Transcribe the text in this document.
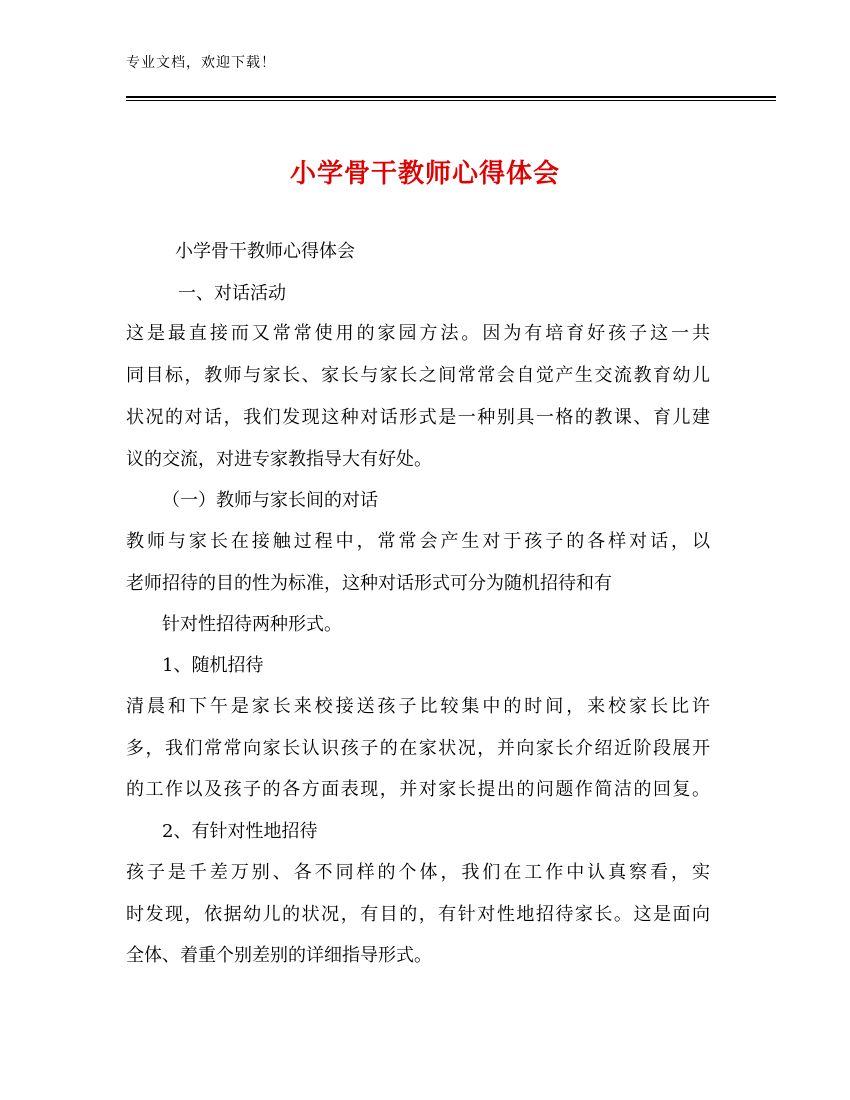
专业文档，欢迎下载！
小学骨干教师心得体会
小学骨干教师心得体会
一、对话活动
这是最直接而又常常使用的家园方法。因为有培育好孩子这一共
同目标，教师与家长、家长与家长之间常常会自觉产生交流教育幼儿
状况的对话，我们发现这种对话形式是一种别具一格的教课、育儿建
议的交流，对进专家教指导大有好处。
（一）教师与家长间的对话
教师与家长在接触过程中，常常会产生对于孩子的各样对话，以
老师招待的目的性为标准，这种对话形式可分为随机招待和有
针对性招待两种形式。
1、随机招待
清晨和下午是家长来校接送孩子比较集中的时间，来校家长比许
多，我们常常向家长认识孩子的在家状况，并向家长介绍近阶段展开
的工作以及孩子的各方面表现，并对家长提出的问题作简洁的回复。
2、有针对性地招待
孩子是千差万别、各不同样的个体，我们在工作中认真察看，实
时发现，依据幼儿的状况，有目的，有针对性地招待家长。这是面向
全体、着重个别差别的详细指导形式。
